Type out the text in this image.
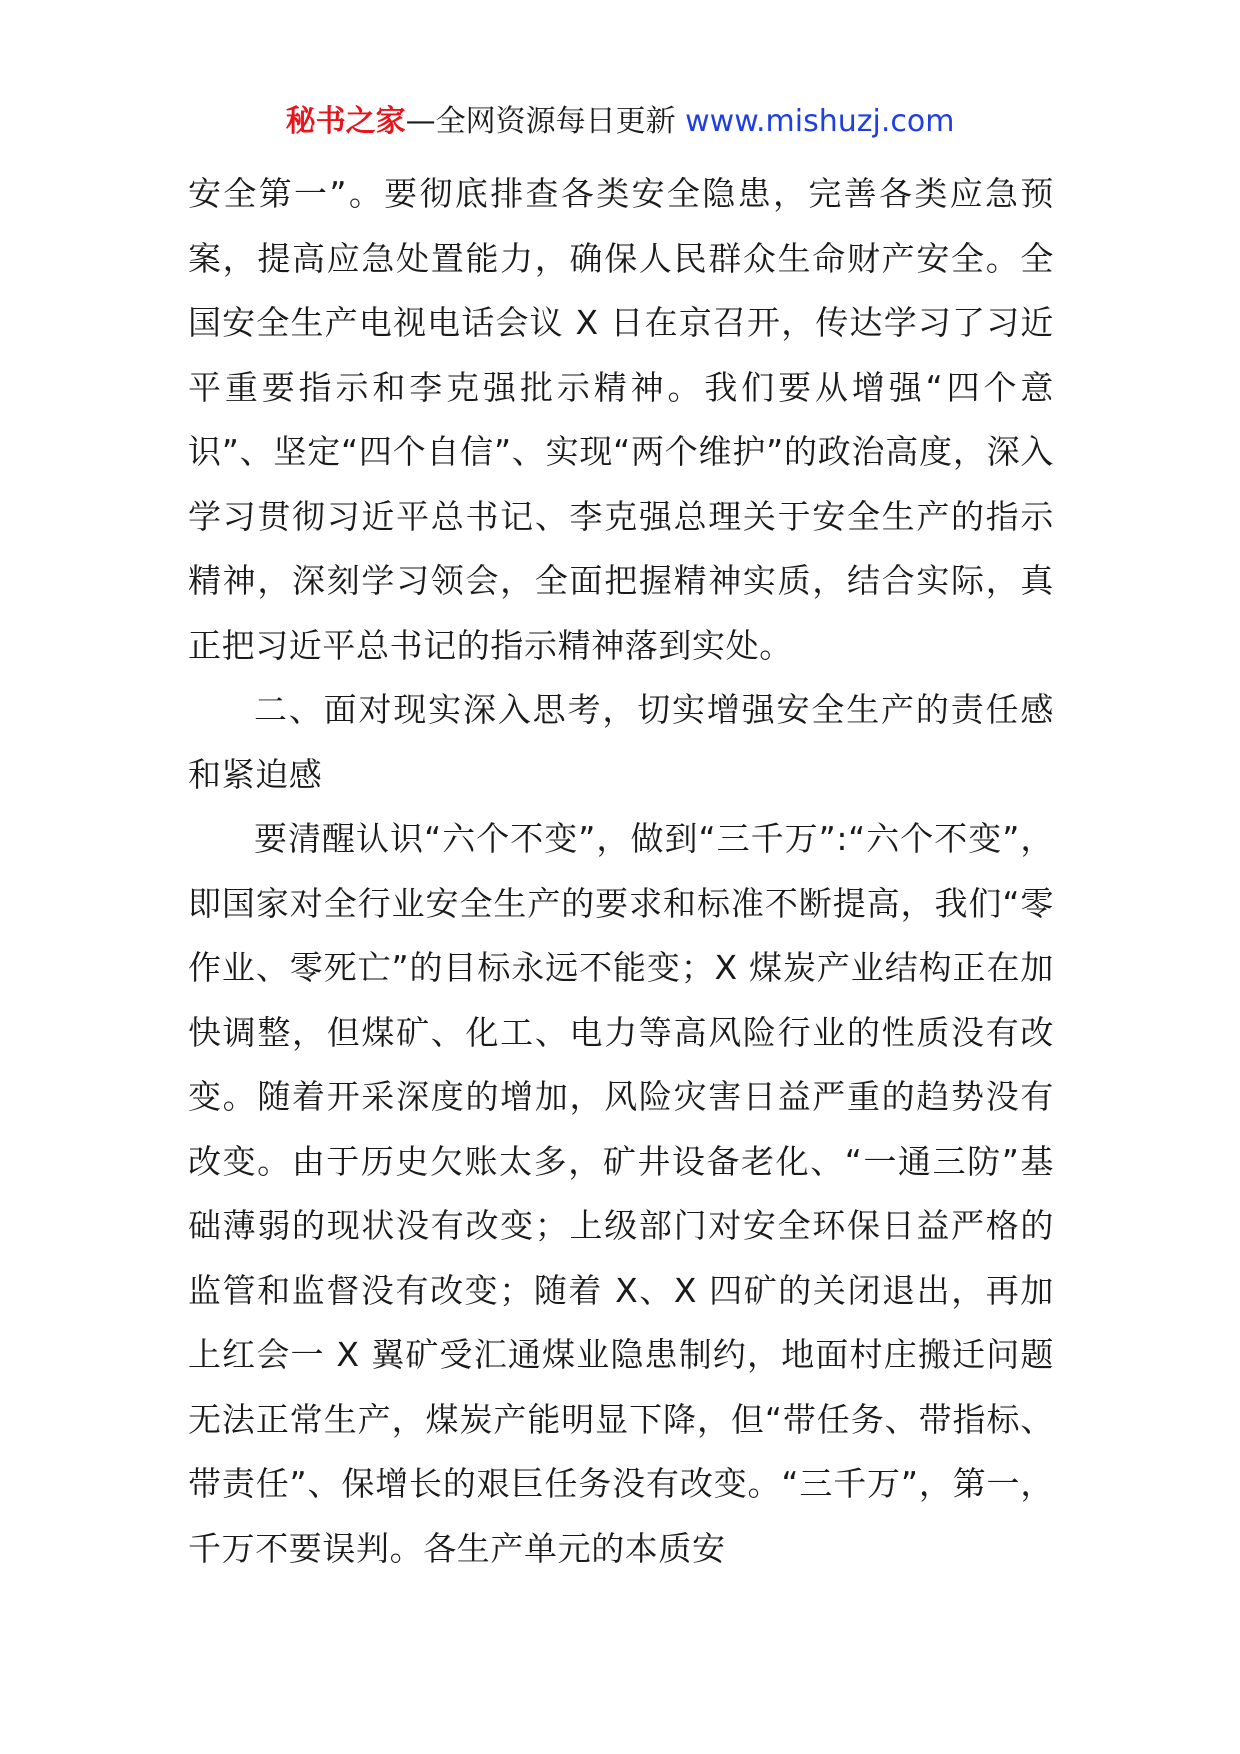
秘书之家—全网资源每日更新 www.mishuzj.com

安全第一”。要彻底排查各类安全隐患，完善各类应急预案，提高应急处置能力，确保人民群众生命财产安全。全国安全生产电视电话会议 X 日在京召开，传达学习了习近平重要指示和李克强批示精神。我们要从增强“四个意识”、坚定“四个自信”、实现“两个维护”的政治高度，深入学习贯彻习近平总书记、李克强总理关于安全生产的指示精神，深刻学习领会，全面把握精神实质，结合实际，真正把习近平总书记的指示精神落到实处。

二、面对现实深入思考，切实增强安全生产的责任感和紧迫感

要清醒认识“六个不变”，做到“三千万”:“六个不变”，即国家对全行业安全生产的要求和标准不断提高，我们“零作业、零死亡”的目标永远不能变；X 煤炭产业结构正在加快调整，但煤矿、化工、电力等高风险行业的性质没有改变。随着开采深度的增加，风险灾害日益严重的趋势没有改变。由于历史欠账太多，矿井设备老化、“一通三防”基础薄弱的现状没有改变；上级部门对安全环保日益严格的监管和监督没有改变；随着 X、X 四矿的关闭退出，再加上红会一 X 翼矿受汇通煤业隐患制约，地面村庄搬迁问题无法正常生产，煤炭产能明显下降，但“带任务、带指标、带责任”、保增长的艰巨任务没有改变。“三千万”，第一，千万不要误判。各生产单元的本质安
